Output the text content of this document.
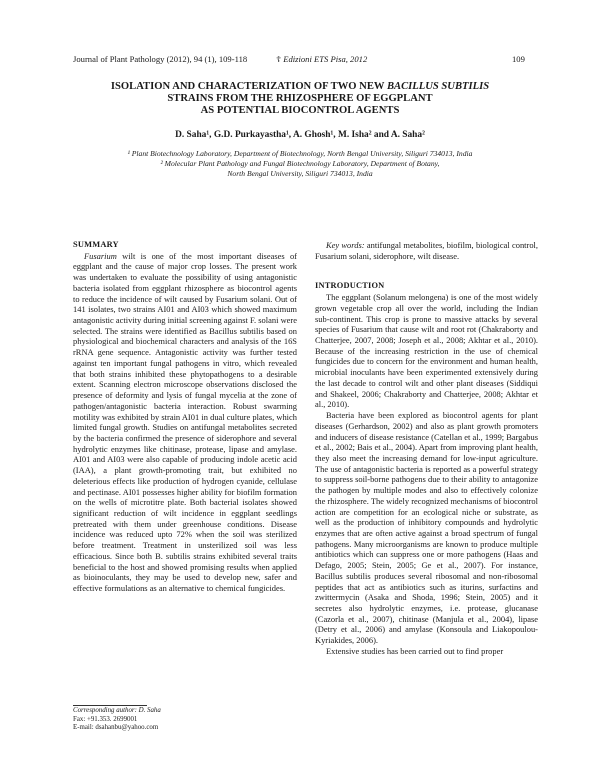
Journal of Plant Pathology (2012), 94 (1), 109-118	☦ Edizioni ETS Pisa, 2012	109
ISOLATION AND CHARACTERIZATION OF TWO NEW BACILLUS SUBTILIS
STRAINS FROM THE RHIZOSPHERE OF EGGPLANT
AS POTENTIAL BIOCONTROL AGENTS
D. Saha¹, G.D. Purkayastha¹, A. Ghosh¹, M. Isha² and A. Saha²
¹ Plant Biotechnology Laboratory, Department of Biotechnology, North Bengal University, Siliguri 734013, India
² Molecular Plant Pathology and Fungal Biotechnology Laboratory, Department of Botany,
North Bengal University, Siliguri 734013, India

SUMMARY

Fusarium wilt is one of the most important diseases of eggplant and the cause of major crop losses. The present work was undertaken to evaluate the possibility of using antagonistic bacteria isolated from eggplant rhizosphere as biocontrol agents to reduce the incidence of wilt caused by Fusarium solani. Out of 141 isolates, two strains AI01 and AI03 which showed maximum antagonistic activity during initial screening against F. solani were selected. The strains were identified as Bacillus subtilis based on physiological and biochemical characters and analysis of the 16S rRNA gene sequence. Antagonistic activity was further tested against ten important fungal pathogens in vitro, which revealed that both strains inhibited these phytopathogens to a desirable extent. Scanning electron microscope observations disclosed the presence of deformity and lysis of fungal mycelia at the zone of pathogen/antagonistic bacteria interaction. Robust swarming motility was exhibited by strain AI01 in dual culture plates, which limited fungal growth. Studies on antifungal metabolites secreted by the bacteria confirmed the presence of siderophore and several hydrolytic enzymes like chitinase, protease, lipase and amylase. AI01 and AI03 were also capable of producing indole acetic acid (IAA), a plant growth-promoting trait, but exhibited no deleterious effects like production of hydrogen cyanide, cellulase and pectinase. AI01 possesses higher ability for biofilm formation on the wells of microtitre plate. Both bacterial isolates showed significant reduction of wilt incidence in eggplant seedlings pretreated with them under greenhouse conditions. Disease incidence was reduced upto 72% when the soil was sterilized before treatment. Treatment in unsterilized soil was less efficacious. Since both B. subtilis strains exhibited several traits beneficial to the host and showed promising results when applied as bioinoculants, they may be used to develop new, safer and effective formulations as an alternative to chemical fungicides.

Corresponding author: D. Saha
Fax: +91.353. 2699001
E-mail: dsahanbu@yahoo.com

Key words: antifungal metabolites, biofilm, biological control, Fusarium solani, siderophore, wilt disease.

INTRODUCTION

The eggplant (Solanum melongena) is one of the most widely grown vegetable crop all over the world, including the Indian sub-continent. This crop is prone to massive attacks by several species of Fusarium that cause wilt and root rot (Chakraborty and Chatterjee, 2007, 2008; Joseph et al., 2008; Akhtar et al., 2010). Because of the increasing restriction in the use of chemical fungicides due to concern for the environment and human health, microbial inoculants have been experimented extensively during the last decade to control wilt and other plant diseases (Siddiqui and Shakeel, 2006; Chakraborty and Chatterjee, 2008; Akhtar et al., 2010).

Bacteria have been explored as biocontrol agents for plant diseases (Gerhardson, 2002) and also as plant growth promoters and inducers of disease resistance (Catellan et al., 1999; Bargabus et al., 2002; Bais et al., 2004). Apart from improving plant health, they also meet the increasing demand for low-input agriculture. The use of antagonistic bacteria is reported as a powerful strategy to suppress soil-borne pathogens due to their ability to antagonize the pathogen by multiple modes and also to effectively colonize the rhizosphere. The widely recognized mechanisms of biocontrol action are competition for an ecological niche or substrate, as well as the production of inhibitory compounds and hydrolytic enzymes that are often active against a broad spectrum of fungal pathogens. Many microorganisms are known to produce multiple antibiotics which can suppress one or more pathogens (Haas and Defago, 2005; Stein, 2005; Ge et al., 2007). For instance, Bacillus subtilis produces several ribosomal and non-ribosomal peptides that act as antibiotics such as iturins, surfactins and zwittermycin (Asaka and Shoda, 1996; Stein, 2005) and it secretes also hydrolytic enzymes, i.e. protease, glucanase (Cazorla et al., 2007), chitinase (Manjula et al., 2004), lipase (Detry et al., 2006) and amylase (Konsoula and Liakopoulou-Kyriakides, 2006).

Extensive studies has been carried out to find proper
